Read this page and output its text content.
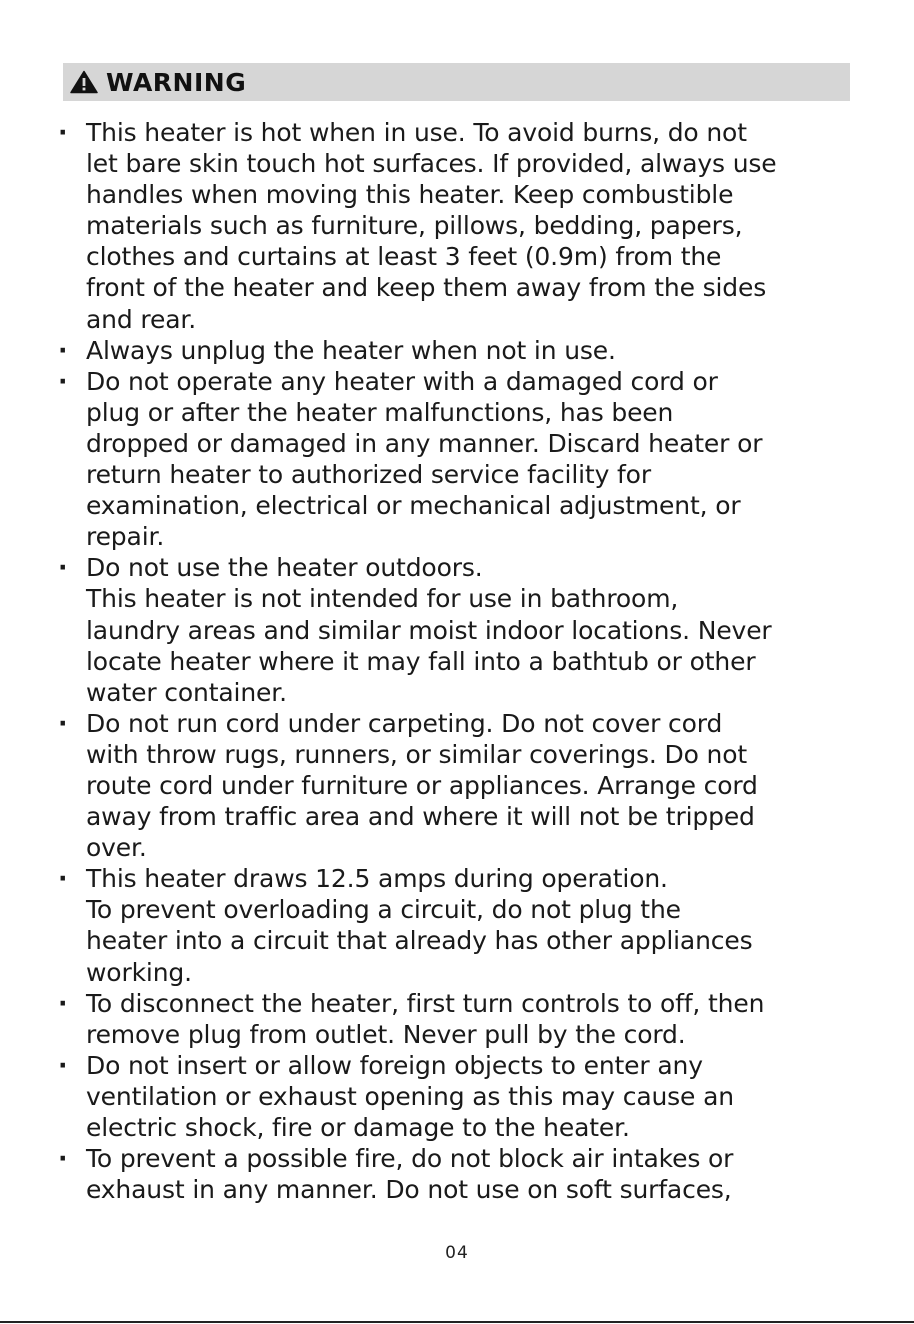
WARNING
· This heater is hot when in use. To avoid burns, do not
let bare skin touch hot surfaces. If provided, always use
handles when moving this heater. Keep combustible
materials such as furniture, pillows, bedding, papers,
clothes and curtains at least 3 feet (0.9m) from the
front of the heater and keep them away from the sides
and rear.
· Always unplug the heater when not in use.
· Do not operate any heater with a damaged cord or
plug or after the heater malfunctions, has been
dropped or damaged in any manner. Discard heater or
return heater to authorized service facility for
examination, electrical or mechanical adjustment, or
repair.
· Do not use the heater outdoors.
This heater is not intended for use in bathroom,
laundry areas and similar moist indoor locations. Never
locate heater where it may fall into a bathtub or other
water container.
· Do not run cord under carpeting. Do not cover cord
with throw rugs, runners, or similar coverings. Do not
route cord under furniture or appliances. Arrange cord
away from traffic area and where it will not be tripped
over.
· This heater draws 12.5 amps during operation.
To prevent overloading a circuit, do not plug the
heater into a circuit that already has other appliances
working.
· To disconnect the heater, first turn controls to off, then
remove plug from outlet. Never pull by the cord.
· Do not insert or allow foreign objects to enter any
ventilation or exhaust opening as this may cause an
electric shock, fire or damage to the heater.
· To prevent a possible fire, do not block air intakes or
exhaust in any manner. Do not use on soft surfaces,
04
